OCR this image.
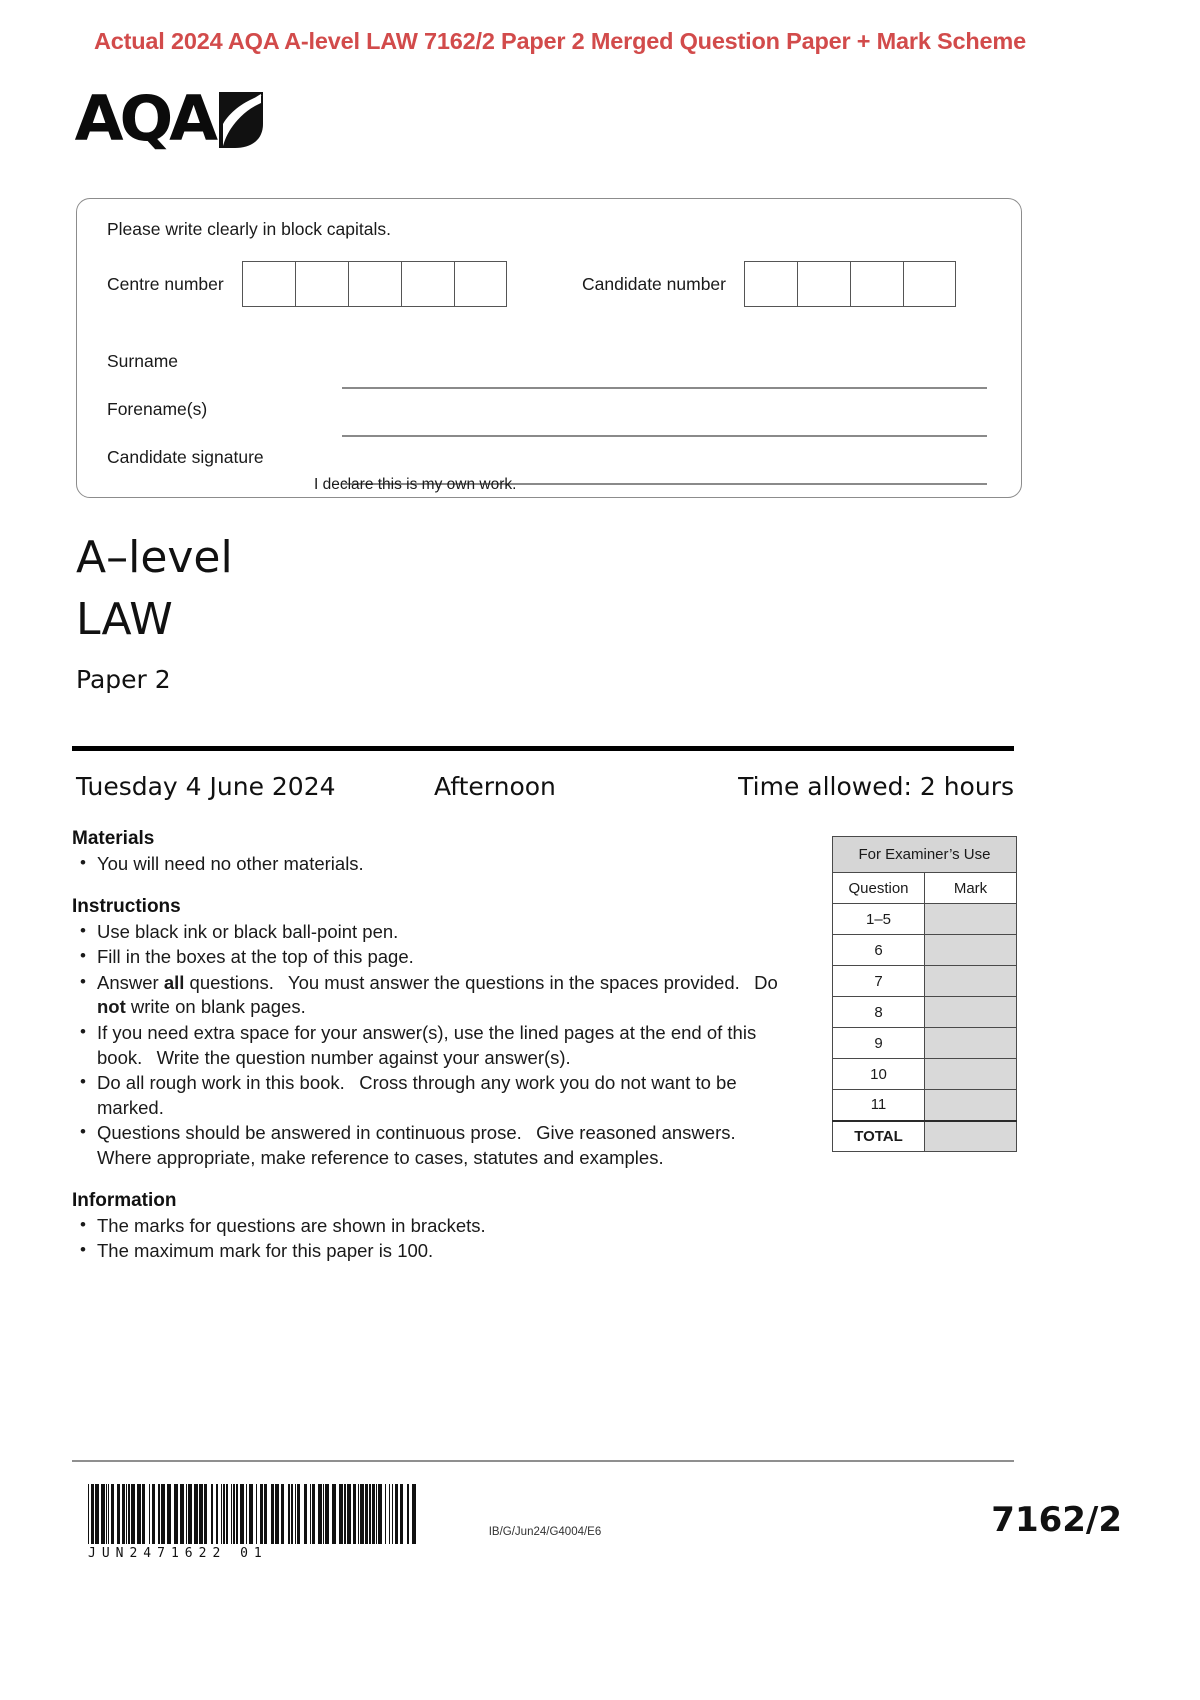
Actual 2024 AQA A-level LAW 7162/2 Paper 2 Merged Question Paper + Mark Scheme
AQA
Please write clearly in block capitals.
Centre number	Candidate number
Surname
Forename(s)
Candidate signature
I declare this is my own work.
A–level
LAW
Paper 2
Tuesday 4 June 2024	Afternoon	Time allowed: 2 hours
Materials
• You will need no other materials.
Instructions
• Use black ink or black ball-point pen.
• Fill in the boxes at the top of this page.
• Answer all questions.  You must answer the questions in the spaces provided.  Do not write on blank pages.
• If you need extra space for your answer(s), use the lined pages at the end of this book.  Write the question number against your answer(s).
• Do all rough work in this book.  Cross through any work you do not want to be marked.
• Questions should be answered in continuous prose.  Give reasoned answers.  Where appropriate, make reference to cases, statutes and examples.
Information
• The marks for questions are shown in brackets.
• The maximum mark for this paper is 100.
For Examiner’s Use	
Question	Mark
1–5	
6	
7	
8	
9	
10	
11	
TOTAL	
JUN2471622 01
IB/G/Jun24/G4004/E6	7162/2
